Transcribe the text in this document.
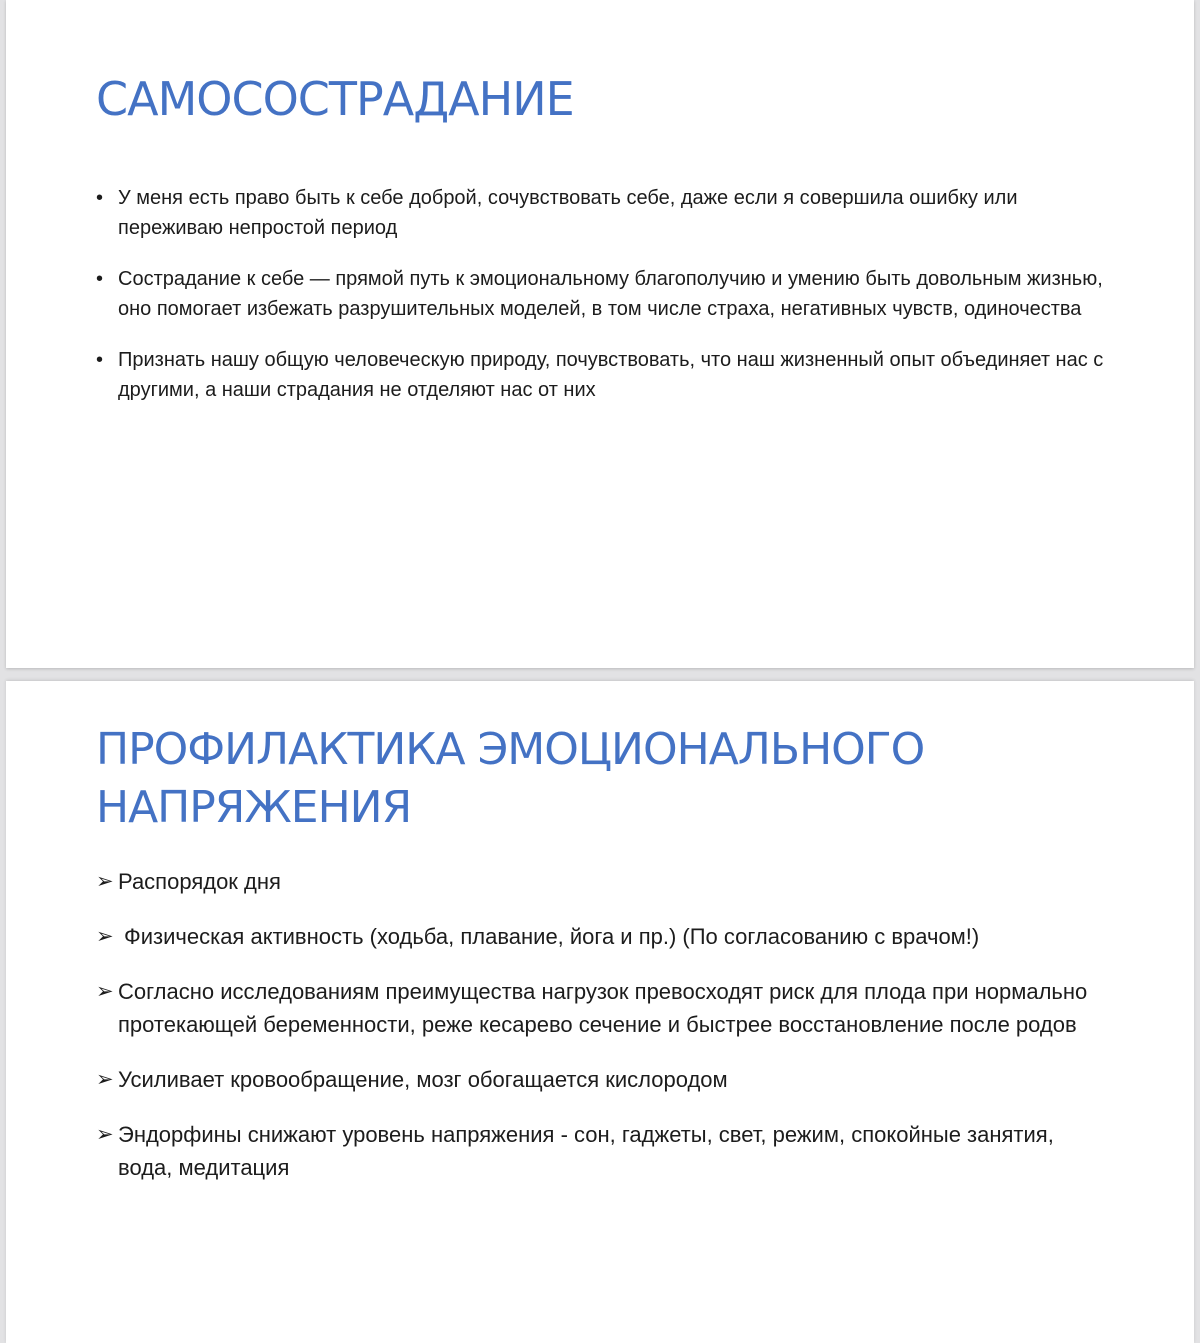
САМОСОСТРАДАНИЕ
• У меня есть право быть к себе доброй, сочувствовать себе, даже если я совершила ошибку или переживаю непростой период
• Сострадание к себе — прямой путь к эмоциональному благополучию и умению быть довольным жизнью, оно помогает избежать разрушительных моделей, в том числе страха, негативных чувств, одиночества
• Признать нашу общую человеческую природу, почувствовать, что наш жизненный опыт объединяет нас с другими, а наши страдания не отделяют нас от них
ПРОФИЛАКТИКА ЭМОЦИОНАЛЬНОГО НАПРЯЖЕНИЯ
➢ Распорядок дня
➢ Физическая активность (ходьба, плавание, йога и пр.) (По согласованию с врачом!)
➢ Согласно исследованиям преимущества нагрузок превосходят риск для плода при нормально протекающей беременности, реже кесарево сечение и быстрее восстановление после родов
➢ Усиливает кровообращение, мозг обогащается кислородом
➢ Эндорфины снижают уровень напряжения - сон, гаджеты, свет, режим, спокойные занятия, вода, медитация
